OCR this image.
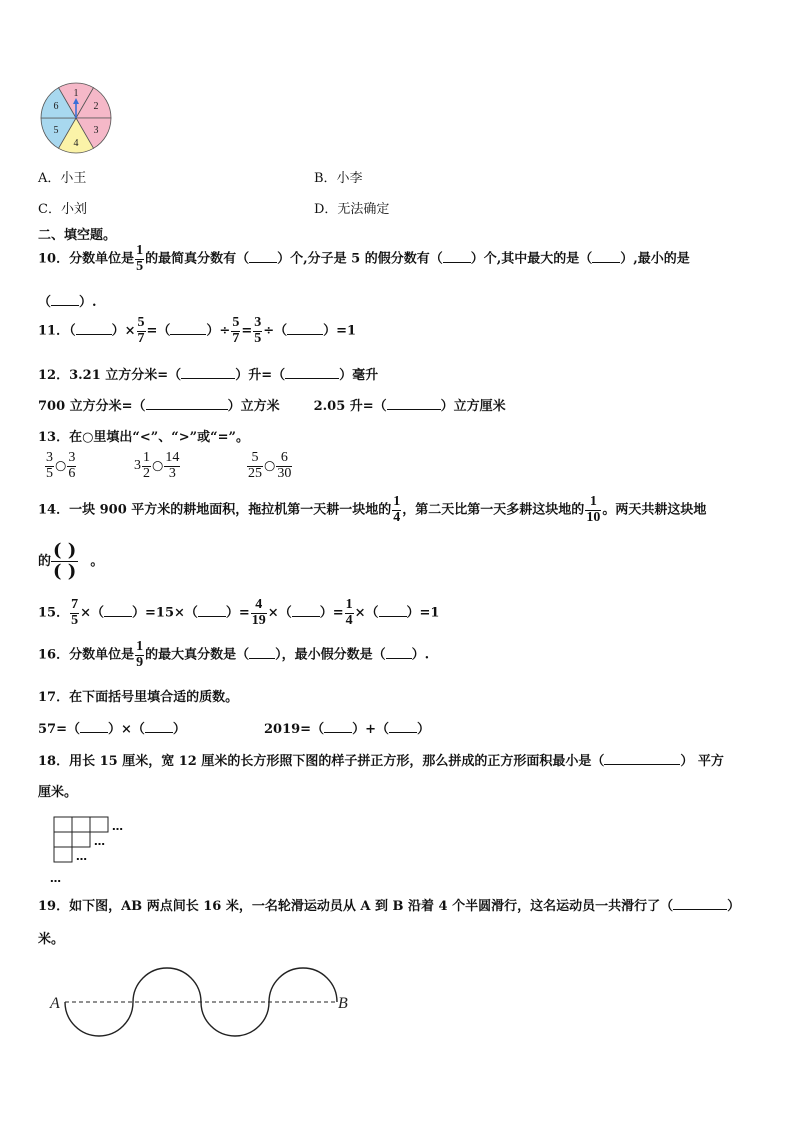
1
2
3
4
5
6
A．小王	B．小李
C．小刘	D．无法确定
二、填空题。
10．分数单位是 $\frac{1}{5}$ 的最简真分数有（ ）个,分子是 5 的假分数有（ ）个,其中最大的是（ ）,最小的是
（ ）.
11．（	）× $\frac{5}{7}$ =（	）÷ $\frac{5}{7} = \frac{3}{5}$ ÷（	）=1
12．3.21 立方分米=（	）升=（	）毫升
700 立方分米=（	）立方米	2.05 升=（	）立方厘米
13．在○里填出“<”、“>”或“=”。
$\frac{3}{5}$ ○ $\frac{3}{6}$	$3 \frac{1}{2}$ ○ $\frac{14}{3}$	$\frac{5}{25}$ ○ $\frac{6}{30}$
14．一块 900 平方米的耕地面积，拖拉机第一天耕一块地的 $\frac{1}{4}$ ，第二天比第一天多耕这块地的 $\frac{1}{10}$ 。两天共耕这块地
的 $\frac{( )}{( )}$ 。
15． $\frac{7}{5}$ ×（ ）=15×（ ）= $\frac{4}{19}$ ×（ ）= $\frac{1}{4}$ ×（ ）=1
16．分数单位是 $\frac{1}{9}$ 的最大真分数是（ ），最小假分数是（ ）.
17．在下面括号里填合适的质数。
57=（ ）×（ ）	2019=（ ）+（ ）
18．用长 15 厘米，宽 12 厘米的长方形照下图的样子拼正方形，那么拼成的正方形面积最小是（	） 平方
厘米。
…
…
…
…
19．如下图，AB 两点间长 16 米，一名轮滑运动员从 A 到 B 沿着 4 个半圆滑行，这名运动员一共滑行了（	）
米。
A	B
